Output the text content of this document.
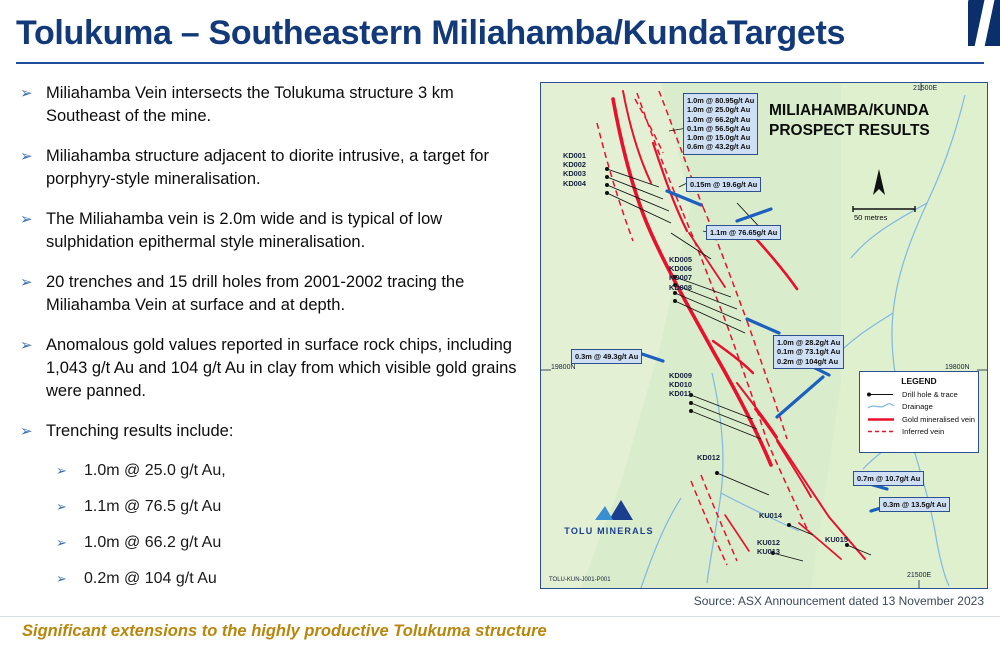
Tolukuma – Southeastern Miliahamba/KundaTargets
➢ Miliahamba Vein intersects the Tolukuma structure 3 km Southeast of the mine.
➢ Miliahamba structure adjacent to diorite intrusive, a target for porphyry-style mineralisation.
➢ The Miliahamba vein is 2.0m wide and is typical of low sulphidation epithermal style mineralisation.
➢ 20 trenches and 15 drill holes from 2001-2002 tracing the Miliahamba Vein at surface and at depth.
➢ Anomalous gold values reported in surface rock chips, including 1,043 g/t Au and 104 g/t Au in clay from which visible gold grains were panned.
➢ Trenching results include:
➢	1.0m @ 25.0 g/t Au,
➢	1.1m @ 76.5 g/t Au
➢	1.0m @ 66.2 g/t Au
➢	0.2m @ 104 g/t Au
MILIAHAMBA/KUNDA
PROSPECT RESULTS
1.0m @ 80.95g/t Au
1.0m @ 25.0g/t Au
1.0m @ 66.2g/t Au
0.1m @ 56.5g/t Au
1.0m @ 15.0g/t Au
0.6m @ 43.2g/t Au
0.15m @ 19.6g/t Au
1.1m @ 76.65g/t Au
1.0m @ 28.2g/t Au
0.1m @ 73.1g/t Au
0.2m @ 104g/t Au
0.3m @ 49.3g/t Au
0.7m @ 10.7g/t Au
0.3m @ 13.5g/t Au
KD001
KD002
KD003
KD004
KD005
KD006
KD007
KD008
KD009
KD010
KD011
KD012
KU014
KU012
KU013
KU015
21500E
19800N	19800N
21500E
50 metres
LEGEND
Drill hole & trace
Drainage
Gold mineralised vein
Inferred vein
TOLU MINERALS
TOLU-KUN-J001-P001
Source: ASX Announcement dated 13 November 2023
Significant extensions to the highly productive Tolukuma structure
